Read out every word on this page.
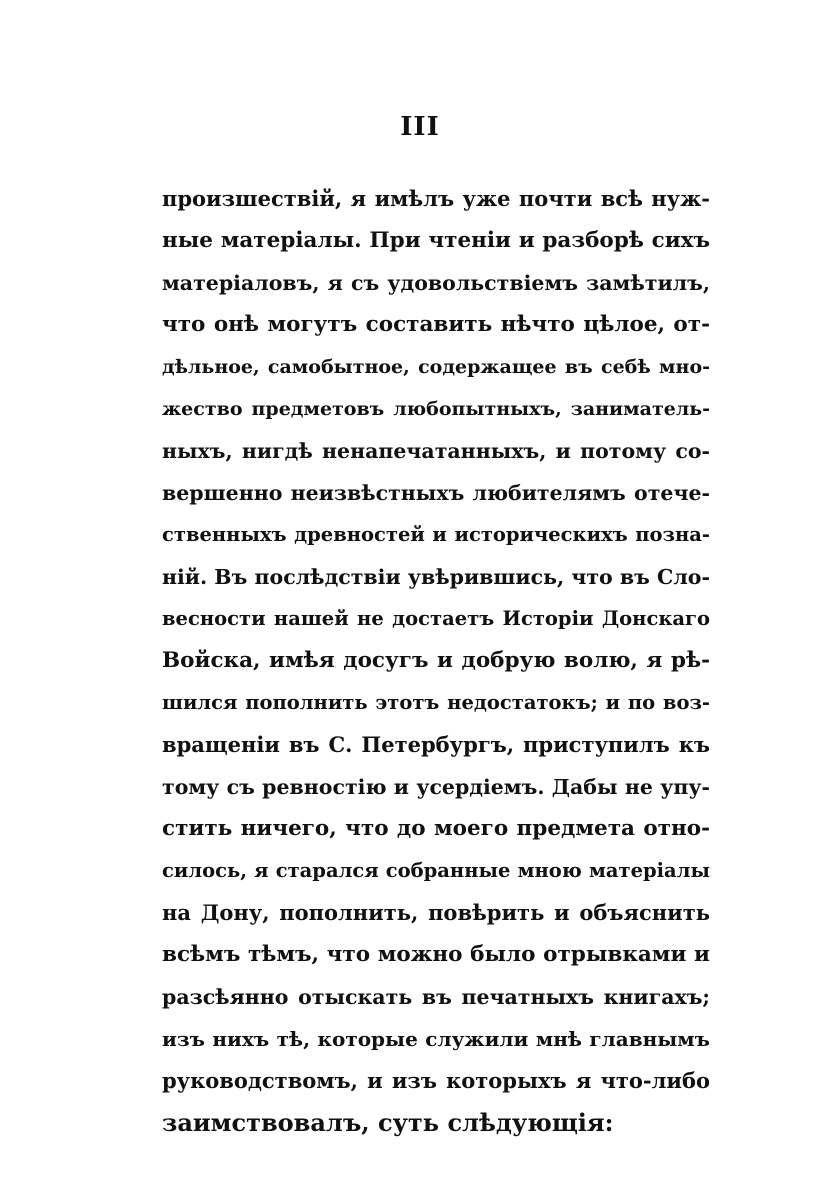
III
произшествій, я имѣлъ уже почти всѣ нуж-
ные матеріалы. При чтеніи и разборѣ сихъ
матеріаловъ, я съ удовольствіемъ замѣтилъ,
что онѣ могутъ составить нѣчто цѣлое, от-
дѣльное, самобытное, содержащее въ себѣ мно-
жество предметовъ любопытныхъ, заниматель-
ныхъ, нигдѣ ненапечатанныхъ, и потому со-
вершенно неизвѣстныхъ любителямъ отече-
ственныхъ древностей и историческихъ позна-
ній. Въ послѣдствіи увѣрившись, что въ Сло-
весности нашей не достаетъ Исторіи Донскаго
Войска, имѣя досугъ и добрую волю, я рѣ-
шился пополнить этотъ недостатокъ; и по воз-
вращеніи въ С. Петербургъ, приступилъ къ
тому съ ревностію и усердіемъ. Дабы не упу-
стить ничего, что до моего предмета отно-
силось, я старался собранные мною матеріалы
на Дону, пополнить, повѣрить и объяснить
всѣмъ тѣмъ, что можно было отрывками и
разсѣянно отыскать въ печатныхъ книгахъ;
изъ нихъ тѣ, которые служили мнѣ главнымъ
руководствомъ, и изъ которыхъ я что-либо
заимствовалъ, суть слѣдующія:
